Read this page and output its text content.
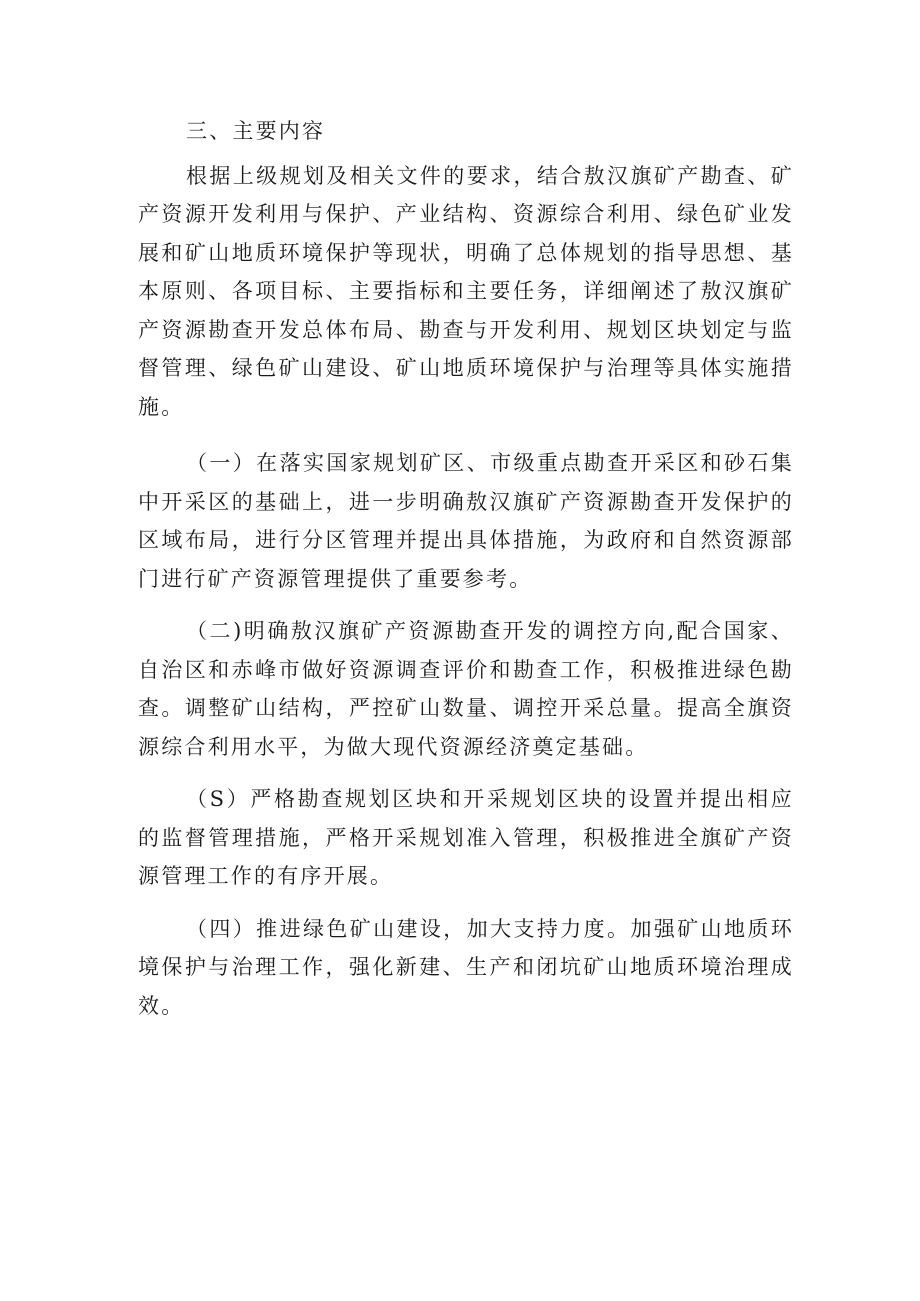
三、主要内容

根据上级规划及相关文件的要求，结合敖汉旗矿产勘查、矿产资源开发利用与保护、产业结构、资源综合利用、绿色矿业发展和矿山地质环境保护等现状，明确了总体规划的指导思想、基本原则、各项目标、主要指标和主要任务，详细阐述了敖汉旗矿产资源勘查开发总体布局、勘查与开发利用、规划区块划定与监督管理、绿色矿山建设、矿山地质环境保护与治理等具体实施措施。

（一）在落实国家规划矿区、市级重点勘查开采区和砂石集中开采区的基础上，进一步明确敖汉旗矿产资源勘查开发保护的区域布局，进行分区管理并提出具体措施，为政府和自然资源部门进行矿产资源管理提供了重要参考。

（二)明确敖汉旗矿产资源勘查开发的调控方向,配合国家、自治区和赤峰市做好资源调查评价和勘查工作，积极推进绿色勘查。调整矿山结构，严控矿山数量、调控开采总量。提高全旗资源综合利用水平，为做大现代资源经济奠定基础。

（S）严格勘查规划区块和开采规划区块的设置并提出相应的监督管理措施，严格开采规划准入管理，积极推进全旗矿产资源管理工作的有序开展。

（四）推进绿色矿山建设，加大支持力度。加强矿山地质环境保护与治理工作，强化新建、生产和闭坑矿山地质环境治理成效。
